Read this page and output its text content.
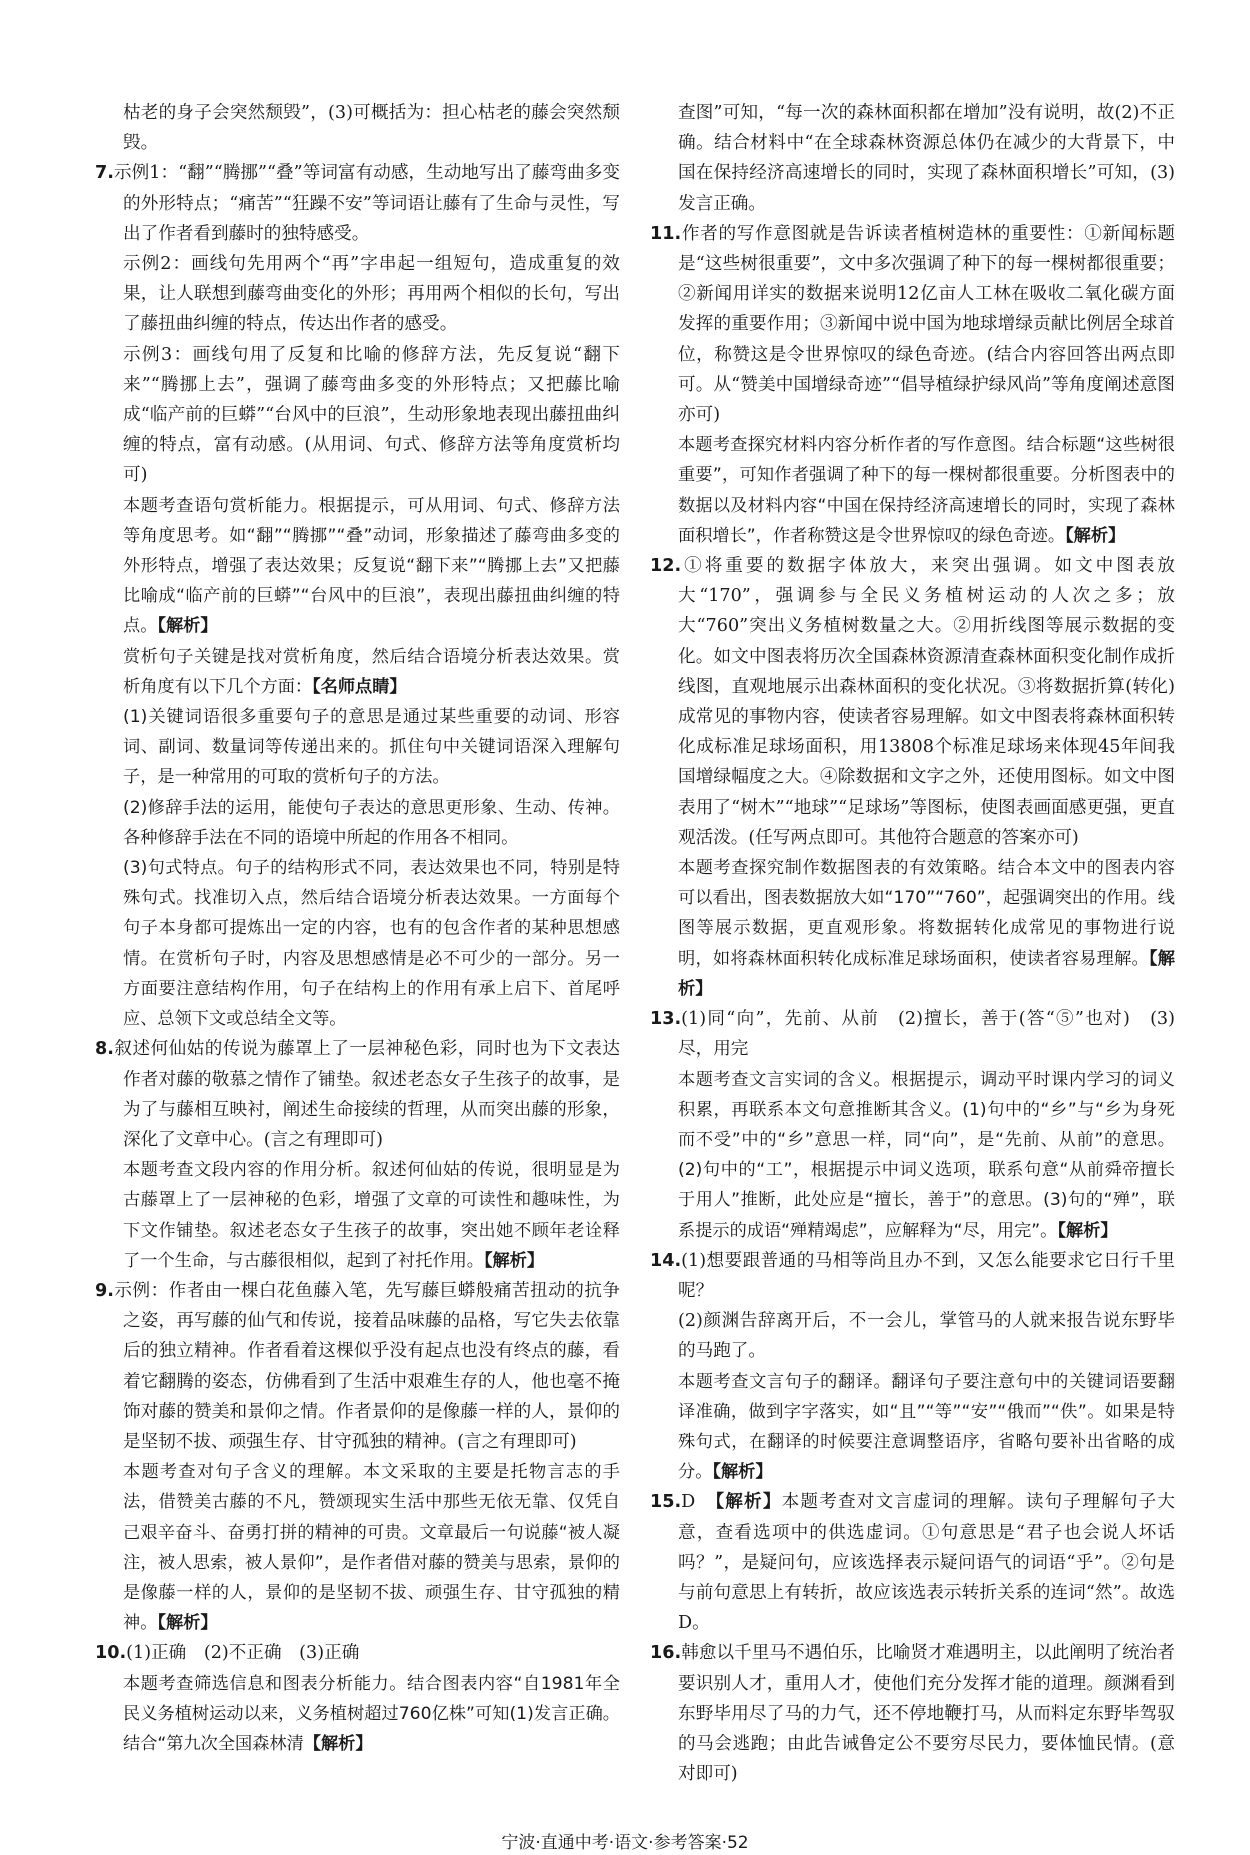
枯老的身子会突然颓毁”，(3)可概括为：担心枯老的藤会突然颓毁。

7.示例1：“翻”“腾挪”“叠”等词富有动感，生动地写出了藤弯曲多变的外形特点；“痛苦”“狂躁不安”等词语让藤有了生命与灵性，写出了作者看到藤时的独特感受。

示例2：画线句先用两个“再”字串起一组短句，造成重复的效果，让人联想到藤弯曲变化的外形；再用两个相似的长句，写出了藤扭曲纠缠的特点，传达出作者的感受。

示例3：画线句用了反复和比喻的修辞方法，先反复说“翻下来”“腾挪上去”，强调了藤弯曲多变的外形特点；又把藤比喻成“临产前的巨蟒”“台风中的巨浪”，生动形象地表现出藤扭曲纠缠的特点，富有动感。(从用词、句式、修辞方法等角度赏析均可)

本题考查语句赏析能力。根据提示，可从用词、句式、修辞方法等角度思考。如“翻”“腾挪”“叠”动词，形象描述了藤弯曲多变的外形特点，增强了表达效果；反复说“翻下来”“腾挪上去”又把藤比喻成“临产前的巨蟒”“台风中的巨浪”，表现出藤扭曲纠缠的特点。【解析】

赏析句子关键是找对赏析角度，然后结合语境分析表达效果。赏析角度有以下几个方面：【名师点睛】

(1)关键词语很多重要句子的意思是通过某些重要的动词、形容词、副词、数量词等传递出来的。抓住句中关键词语深入理解句子，是一种常用的可取的赏析句子的方法。

(2)修辞手法的运用，能使句子表达的意思更形象、生动、传神。各种修辞手法在不同的语境中所起的作用各不相同。

(3)句式特点。句子的结构形式不同，表达效果也不同，特别是特殊句式。找准切入点，然后结合语境分析表达效果。一方面每个句子本身都可提炼出一定的内容，也有的包含作者的某种思想感情。在赏析句子时，内容及思想感情是必不可少的一部分。另一方面要注意结构作用，句子在结构上的作用有承上启下、首尾呼应、总领下文或总结全文等。

8.叙述何仙姑的传说为藤罩上了一层神秘色彩，同时也为下文表达作者对藤的敬慕之情作了铺垫。叙述老态女子生孩子的故事，是为了与藤相互映衬，阐述生命接续的哲理，从而突出藤的形象，深化了文章中心。(言之有理即可)

本题考查文段内容的作用分析。叙述何仙姑的传说，很明显是为古藤罩上了一层神秘的色彩，增强了文章的可读性和趣味性，为下文作铺垫。叙述老态女子生孩子的故事，突出她不顾年老诠释了一个生命，与古藤很相似，起到了衬托作用。【解析】

9.示例：作者由一棵白花鱼藤入笔，先写藤巨蟒般痛苦扭动的抗争之姿，再写藤的仙气和传说，接着品味藤的品格，写它失去依靠后的独立精神。作者看着这棵似乎没有起点也没有终点的藤，看着它翻腾的姿态，仿佛看到了生活中艰难生存的人，他也毫不掩饰对藤的赞美和景仰之情。作者景仰的是像藤一样的人，景仰的是坚韧不拔、顽强生存、甘守孤独的精神。(言之有理即可)

本题考查对句子含义的理解。本文采取的主要是托物言志的手法，借赞美古藤的不凡，赞颂现实生活中那些无依无靠、仅凭自己艰辛奋斗、奋勇打拼的精神的可贵。文章最后一句说藤“被人凝注，被人思索，被人景仰”，是作者借对藤的赞美与思索，景仰的是像藤一样的人，景仰的是坚韧不拔、顽强生存、甘守孤独的精神。【解析】

10.(1)正确　(2)不正确　(3)正确

本题考查筛选信息和图表分析能力。结合图表内容“自1981年全民义务植树运动以来，义务植树超过760亿株”可知(1)发言正确。结合“第九次全国森林清【解析】

查图”可知，“每一次的森林面积都在增加”没有说明，故(2)不正确。结合材料中“在全球森林资源总体仍在减少的大背景下，中国在保持经济高速增长的同时，实现了森林面积增长”可知，(3)发言正确。

11.作者的写作意图就是告诉读者植树造林的重要性：①新闻标题是“这些树很重要”，文中多次强调了种下的每一棵树都很重要；②新闻用详实的数据来说明12亿亩人工林在吸收二氧化碳方面发挥的重要作用；③新闻中说中国为地球增绿贡献比例居全球首位，称赞这是令世界惊叹的绿色奇迹。(结合内容回答出两点即可。从“赞美中国增绿奇迹”“倡导植绿护绿风尚”等角度阐述意图亦可)

本题考查探究材料内容分析作者的写作意图。结合标题“这些树很重要”，可知作者强调了种下的每一棵树都很重要。分析图表中的数据以及材料内容“中国在保持经济高速增长的同时，实现了森林面积增长”，作者称赞这是令世界惊叹的绿色奇迹。【解析】

12.①将重要的数据字体放大，来突出强调。如文中图表放大“170”，强调参与全民义务植树运动的人次之多；放大“760”突出义务植树数量之大。②用折线图等展示数据的变化。如文中图表将历次全国森林资源清查森林面积变化制作成折线图，直观地展示出森林面积的变化状况。③将数据折算(转化)成常见的事物内容，使读者容易理解。如文中图表将森林面积转化成标准足球场面积，用13808个标准足球场来体现45年间我国增绿幅度之大。④除数据和文字之外，还使用图标。如文中图表用了“树木”“地球”“足球场”等图标，使图表画面感更强，更直观活泼。(任写两点即可。其他符合题意的答案亦可)

本题考查探究制作数据图表的有效策略。结合本文中的图表内容可以看出，图表数据放大如“170”“760”，起强调突出的作用。线图等展示数据，更直观形象。将数据转化成常见的事物进行说明，如将森林面积转化成标准足球场面积，使读者容易理解。【解析】

13.(1)同“向”，先前、从前　(2)擅长，善于(答“⑤”也对)　(3)尽，用完

本题考查文言实词的含义。根据提示，调动平时课内学习的词义积累，再联系本文句意推断其含义。(1)句中的“乡”与“乡为身死而不受”中的“乡”意思一样，同“向”，是“先前、从前”的意思。(2)句中的“工”，根据提示中词义选项，联系句意“从前舜帝擅长于用人”推断，此处应是“擅长，善于”的意思。(3)句的“殚”，联系提示的成语“殚精竭虑”，应解释为“尽，用完”。【解析】

14.(1)想要跟普通的马相等尚且办不到，又怎么能要求它日行千里呢？

(2)颜渊告辞离开后，不一会儿，掌管马的人就来报告说东野毕的马跑了。

本题考查文言句子的翻译。翻译句子要注意句中的关键词语要翻译准确，做到字字落实，如“且”“等”“安”“俄而”“佚”。如果是特殊句式，在翻译的时候要注意调整语序，省略句要补出省略的成分。【解析】

15.D　【解析】本题考查对文言虚词的理解。读句子理解句子大意，查看选项中的供选虚词。①句意思是“君子也会说人坏话吗？”，是疑问句，应该选择表示疑问语气的词语“乎”。②句是与前句意思上有转折，故应该选表示转折关系的连词“然”。故选D。

16.韩愈以千里马不遇伯乐，比喻贤才难遇明主，以此阐明了统治者要识别人才，重用人才，使他们充分发挥才能的道理。颜渊看到东野毕用尽了马的力气，还不停地鞭打马，从而料定东野毕驾驭的马会逃跑；由此告诫鲁定公不要穷尽民力，要体恤民情。(意对即可)

宁波·直通中考·语文·参考答案·52
